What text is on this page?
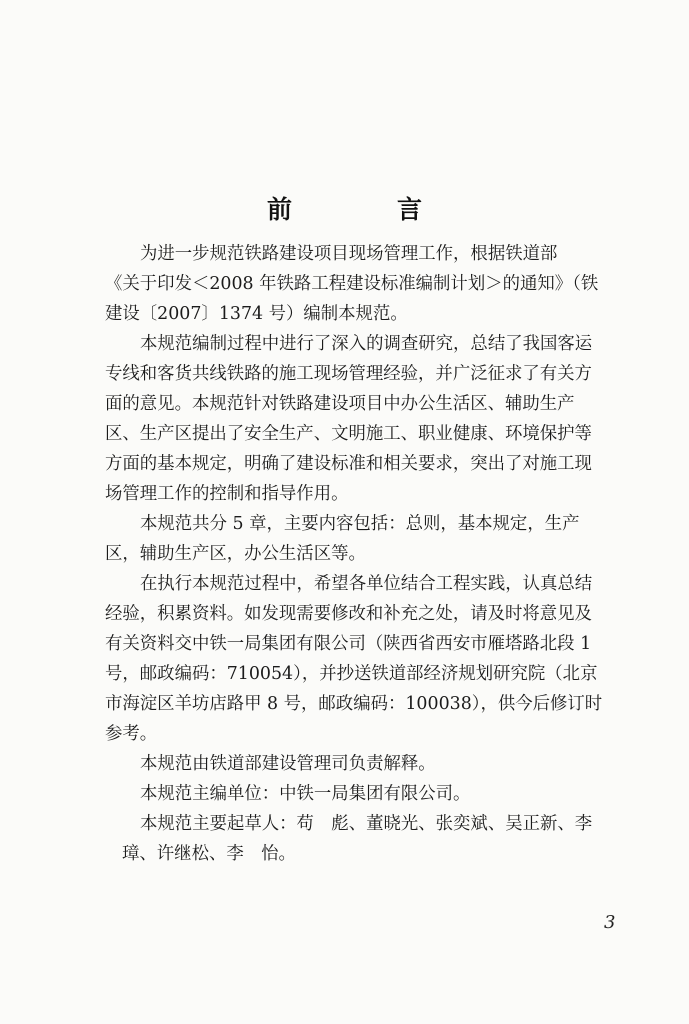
前　言
为进一步规范铁路建设项目现场管理工作，根据铁道部
《关于印发＜2008 年铁路工程建设标准编制计划＞的通知》（铁
建设〔2007〕1374 号）编制本规范。
本规范编制过程中进行了深入的调查研究，总结了我国客运
专线和客货共线铁路的施工现场管理经验，并广泛征求了有关方
面的意见。本规范针对铁路建设项目中办公生活区、辅助生产
区、生产区提出了安全生产、文明施工、职业健康、环境保护等
方面的基本规定，明确了建设标准和相关要求，突出了对施工现
场管理工作的控制和指导作用。
本规范共分 5 章，主要内容包括：总则，基本规定，生产
区，辅助生产区，办公生活区等。
在执行本规范过程中，希望各单位结合工程实践，认真总结
经验，积累资料。如发现需要修改和补充之处，请及时将意见及
有关资料交中铁一局集团有限公司（陕西省西安市雁塔路北段 1
号，邮政编码：710054），并抄送铁道部经济规划研究院（北京
市海淀区羊坊店路甲 8 号，邮政编码：100038），供今后修订时
参考。
本规范由铁道部建设管理司负责解释。
本规范主编单位：中铁一局集团有限公司。
本规范主要起草人：苟　彪、董晓光、张奕斌、吴正新、李
璋、许继松、李　怡。
3
